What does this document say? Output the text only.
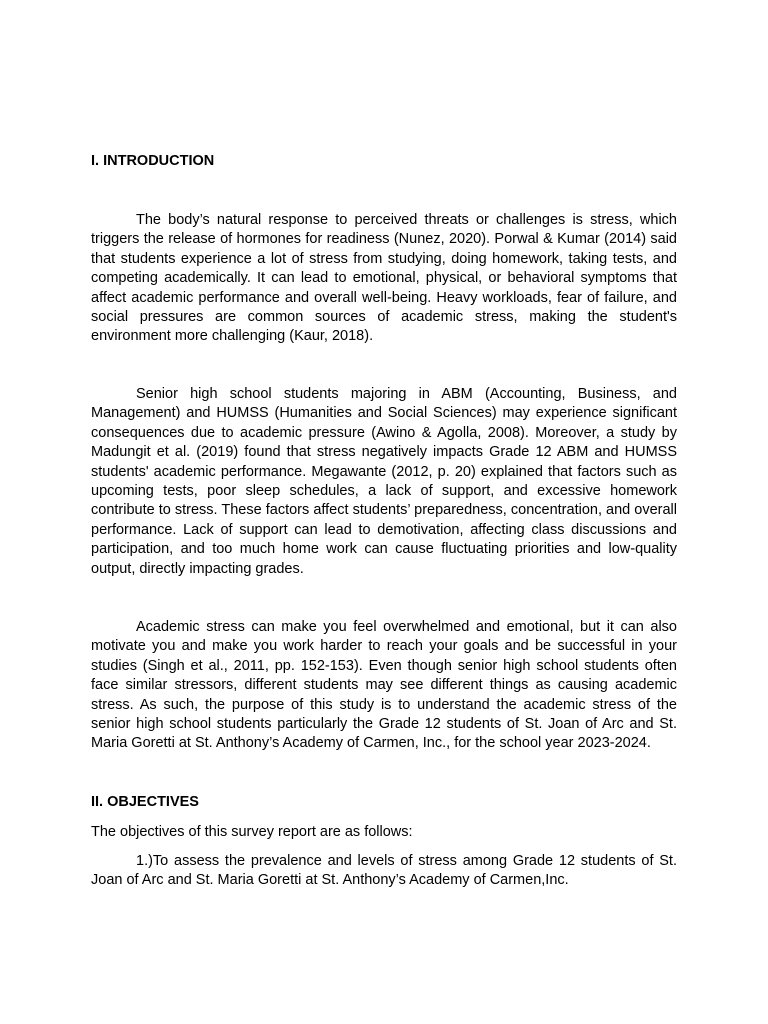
I. INTRODUCTION

The body’s natural response to perceived threats or challenges is stress, which triggers the release of hormones for readiness (Nunez, 2020). Porwal & Kumar (2014) said that students experience a lot of stress from studying, doing homework, taking tests, and competing academically. It can lead to emotional, physical, or behavioral symptoms that affect academic performance and overall well-being. Heavy workloads, fear of failure, and social pressures are common sources of academic stress, making the student's environment more challenging (Kaur, 2018).

Senior high school students majoring in ABM (Accounting, Business, and Management) and HUMSS (Humanities and Social Sciences) may experience significant consequences due to academic pressure (Awino & Agolla, 2008). Moreover, a study by Madungit et al. (2019) found that stress negatively impacts Grade 12 ABM and HUMSS students' academic performance. Megawante (2012, p. 20) explained that factors such as upcoming tests, poor sleep schedules, a lack of support, and excessive homework contribute to stress. These factors affect students’ preparedness, concentration, and overall performance. Lack of support can lead to demotivation, affecting class discussions and participation, and too much home work can cause fluctuating priorities and low-quality output, directly impacting grades.

Academic stress can make you feel overwhelmed and emotional, but it can also motivate you and make you work harder to reach your goals and be successful in your studies (Singh et al., 2011, pp. 152-153). Even though senior high school students often face similar stressors, different students may see different things as causing academic stress. As such, the purpose of this study is to understand the academic stress of the senior high school students particularly the Grade 12 students of St. Joan of Arc and St. Maria Goretti at St. Anthony’s Academy of Carmen, Inc., for the school year 2023-2024.

II. OBJECTIVES

The objectives of this survey report are as follows:

1.)To assess the prevalence and levels of stress among Grade 12 students of St. Joan of Arc and St. Maria Goretti at St. Anthony’s Academy of Carmen,Inc.
